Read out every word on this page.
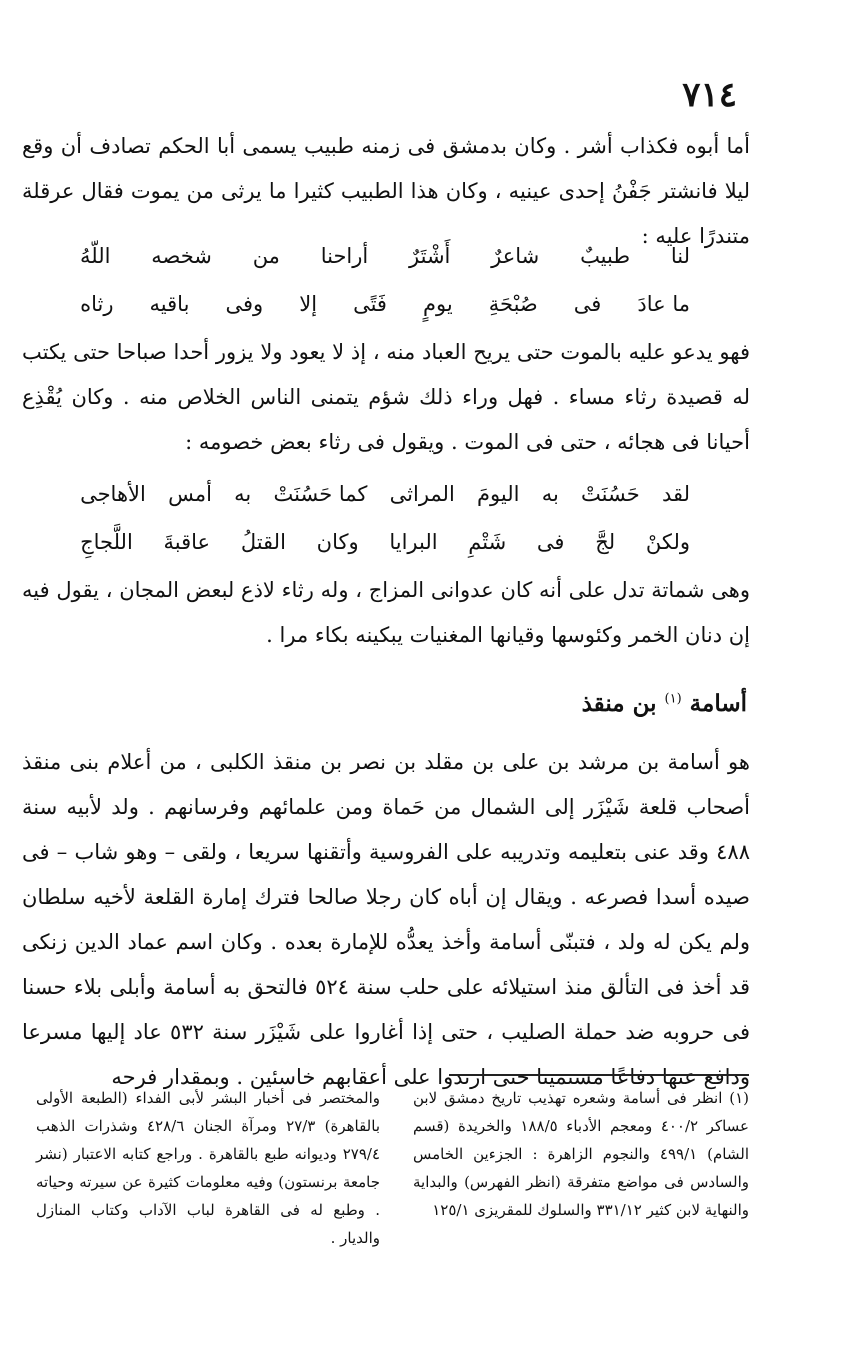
٧١٤

أما أبوه فكذاب أشر . وكان بدمشق فى زمنه طبيب يسمى أبا الحكم تصادف أن وقع ليلا فانشتر جَفْنُ إحدى عينيه ، وكان هذا الطبيب كثيرا ما يرثى من يموت فقال عرقلة متندرًا عليه :

لنا
طبيبٌ
شاعرٌ
أَشْتَرٌ
أراحنا
من
شخصه
اللّهُ
ما عادَ
فى
صُبْحَةِ
يومٍ
فَتًى
إلا
وفى
باقيه
رثاه

فهو يدعو عليه بالموت حتى يريح العباد منه ، إذ لا يعود ولا يزور أحدا صباحا حتى يكتب له قصيدة رثاء مساء . فهل وراء ذلك شؤم يتمنى الناس الخلاص منه . وكان يُقْذِع أحيانا فى هجائه ، حتى فى الموت . ويقول فى رثاء بعض خصومه :

لقد
حَسُنَتْ
به
اليومَ
المراثى
كما حَسُنَتْ
به
أمس
الأهاجى
ولكنْ
لجَّ
فى
شَتْمِ
البرايا
وكان
القتلُ
عاقبةَ
اللَّجاجِ

وهى شماتة تدل على أنه كان عدوانى المزاج ، وله رثاء لاذع لبعض المجان ، يقول فيه إن دنان الخمر وكئوسها وقيانها المغنيات يبكينه بكاء مرا .

أسامة $^{(١)}$ بن منقذ

هو أسامة بن مرشد بن على بن مقلد بن نصر بن منقذ الكلبى ، من أعلام بنى منقذ أصحاب قلعة شَيْزَر إلى الشمال من حَماة ومن علمائهم وفرسانهم . ولد لأبيه سنة ٤٨٨ وقد عنى بتعليمه وتدريبه على الفروسية وأتقنها سريعا ، ولقى – وهو شاب – فى صيده أسدا فصرعه . ويقال إن أباه كان رجلا صالحا فترك إمارة القلعة لأخيه سلطان ولم يكن له ولد ، فتبنّى أسامة وأخذ يعدُّه للإمارة بعده . وكان اسم عماد الدين زنكى قد أخذ فى التألق منذ استيلائه على حلب سنة ٥٢٤ فالتحق به أسامة وأبلى بلاء حسنا فى حروبه ضد حملة الصليب ، حتى إذا أغاروا على شَيْزَر سنة ٥٣٢ عاد إليها مسرعا ودافع عنها دفاعًا مستميتا حتى ارتدوا على أعقابهم خاسئين . وبمقدار فرحه

(١) انظر فى أسامة وشعره تهذيب تاريخ دمشق لابن عساكر ٤٠٠/٢ ومعجم الأدباء ١٨٨/٥ والخريدة (قسم الشام) ٤٩٩/١ والنجوم الزاهرة : الجزءين الخامس والسادس فى مواضع متفرقة (انظر الفهرس) والبداية والنهاية لابن كثير ٣٣١/١٢ والسلوك للمقريزى ١٢٥/١

والمختصر فى أخبار البشر لأبى الفداء (الطبعة الأولى بالقاهرة) ٢٧/٣ ومرآة الجنان ٤٢٨/٦ وشذرات الذهب ٢٧٩/٤ وديوانه طبع بالقاهرة . وراجع كتابه الاعتبار (نشر جامعة برنستون) وفيه معلومات كثيرة عن سيرته وحياته . وطبع له فى القاهرة لباب الآداب وكتاب المنازل والديار .
